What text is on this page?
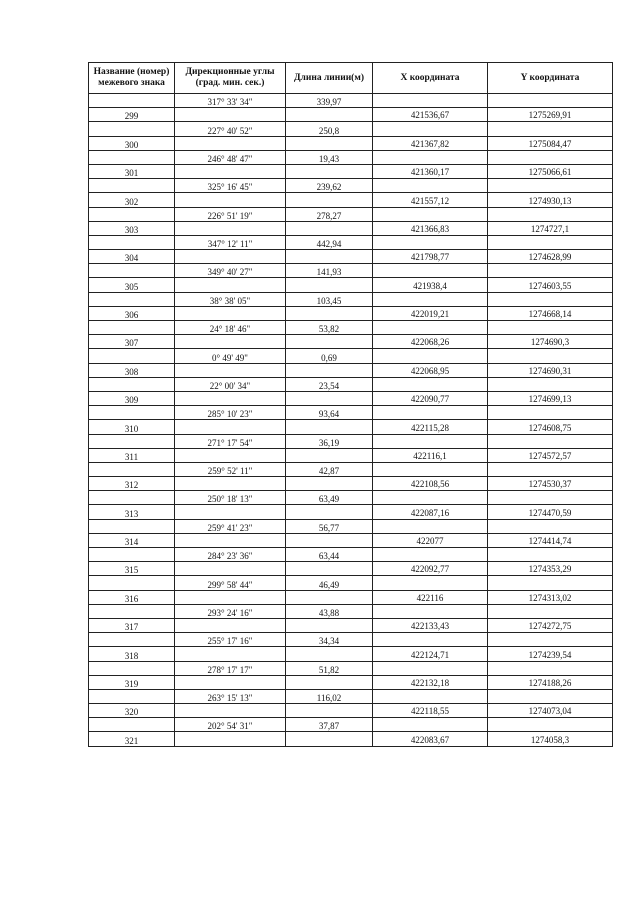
Название (номер) межевого знака	Дирекционные углы (град. мин. сек.)	Длина линии(м)	X координата	Y координата
	317° 33' 34"	339,97		
299			421536,67	1275269,91
	227° 40' 52"	250,8		
300			421367,82	1275084,47
	246° 48' 47"	19,43		
301			421360,17	1275066,61
	325° 16' 45"	239,62		
302			421557,12	1274930,13
	226° 51' 19"	278,27		
303			421366,83	1274727,1
	347° 12' 11"	442,94		
304			421798,77	1274628,99
	349° 40' 27"	141,93		
305			421938,4	1274603,55
	38° 38' 05"	103,45		
306			422019,21	1274668,14
	24° 18' 46"	53,82		
307			422068,26	1274690,3
	0° 49' 49"	0,69		
308			422068,95	1274690,31
	22° 00' 34"	23,54		
309			422090,77	1274699,13
	285° 10' 23"	93,64		
310			422115,28	1274608,75
	271° 17' 54"	36,19		
311			422116,1	1274572,57
	259° 52' 11"	42,87		
312			422108,56	1274530,37
	250° 18' 13"	63,49		
313			422087,16	1274470,59
	259° 41' 23"	56,77		
314			422077	1274414,74
	284° 23' 36"	63,44		
315			422092,77	1274353,29
	299° 58' 44"	46,49		
316			422116	1274313,02
	293° 24' 16"	43,88		
317			422133,43	1274272,75
	255° 17' 16"	34,34		
318			422124,71	1274239,54
	278° 17' 17"	51,82		
319			422132,18	1274188,26
	263° 15' 13"	116,02		
320			422118,55	1274073,04
	202° 54' 31"	37,87		
321			422083,67	1274058,3
